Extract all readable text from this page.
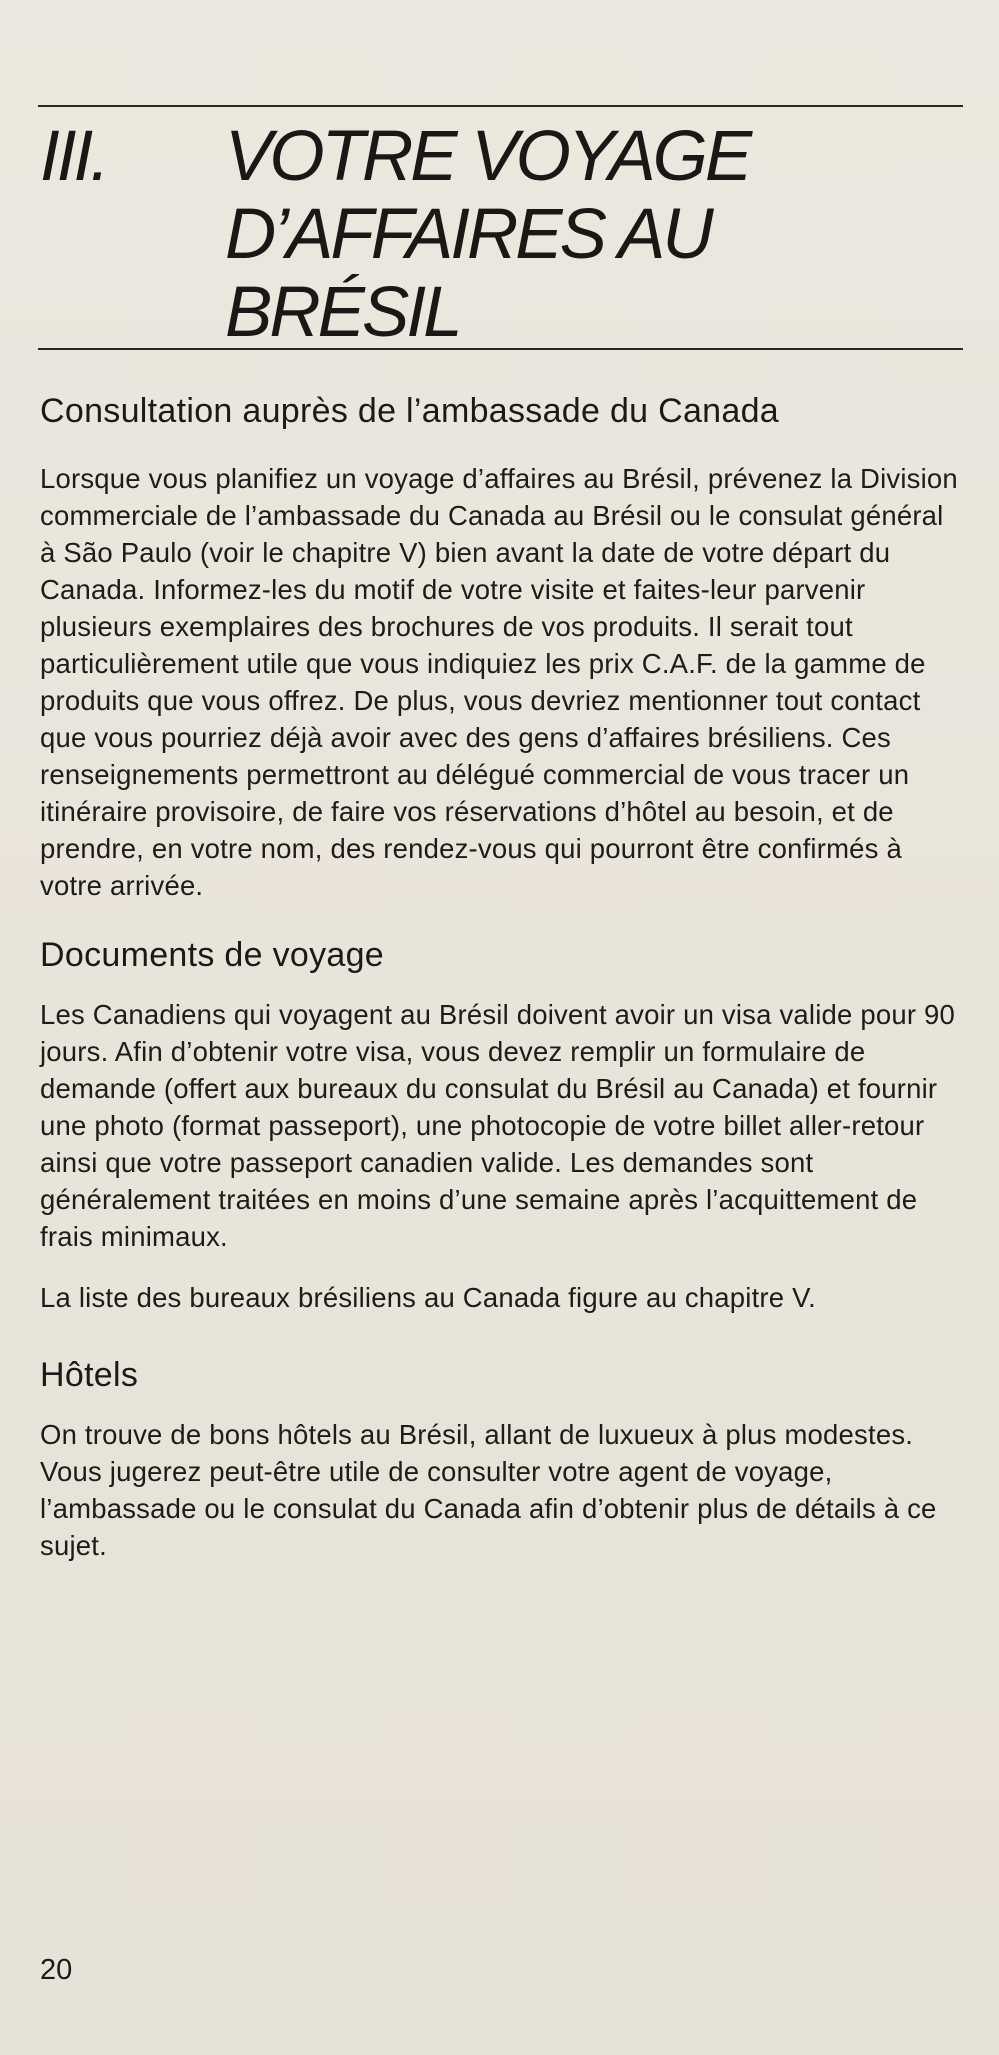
III. VOTRE VOYAGE
D’AFFAIRES AU
BRÉSIL
Consultation auprès de l’ambassade du Canada

Lorsque vous planifiez un voyage d’affaires au Brésil, prévenez la Division commerciale de l’ambassade du Canada au Brésil ou le consulat général à São Paulo (voir le chapitre V) bien avant la date de votre départ du Canada. Informez-les du motif de votre visite et faites-leur parvenir plusieurs exemplaires des brochures de vos produits. Il serait tout particulièrement utile que vous indiquiez les prix C.A.F. de la gamme de produits que vous offrez. De plus, vous devriez mentionner tout contact que vous pourriez déjà avoir avec des gens d’affaires brésiliens. Ces renseignements permettront au délégué commercial de vous tracer un itinéraire provisoire, de faire vos réservations d’hôtel au besoin, et de prendre, en votre nom, des rendez-vous qui pourront être confirmés à votre arrivée.

Documents de voyage

Les Canadiens qui voyagent au Brésil doivent avoir un visa valide pour 90 jours. Afin d’obtenir votre visa, vous devez remplir un formulaire de demande (offert aux bureaux du consulat du Brésil au Canada) et fournir une photo (format passeport), une photocopie de votre billet aller-retour ainsi que votre passeport canadien valide. Les demandes sont généralement traitées en moins d’une semaine après l’acquittement de frais minimaux.

La liste des bureaux brésiliens au Canada figure au chapitre V.

Hôtels

On trouve de bons hôtels au Brésil, allant de luxueux à plus modestes. Vous jugerez peut-être utile de consulter votre agent de voyage, l’ambassade ou le consulat du Canada afin d’obtenir plus de détails à ce sujet.

20
